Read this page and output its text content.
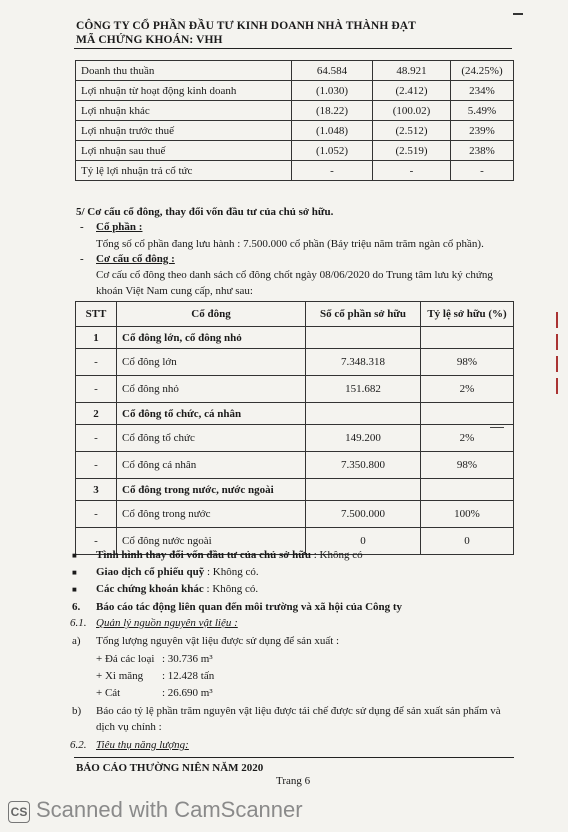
CÔNG TY CỔ PHẦN ĐẦU TƯ KINH DOANH NHÀ THÀNH ĐẠT
MÃ CHỨNG KHOÁN: VHH
Doanh thu thuần	64.584	48.921	(24.25%)
Lợi nhuận từ hoạt động kinh doanh	(1.030)	(2.412)	234%
Lợi nhuận khác	(18.22)	(100.02)	5.49%
Lợi nhuận trước thuế	(1.048)	(2.512)	239%
Lợi nhuận sau thuế	(1.052)	(2.519)	238%
Tỷ lệ lợi nhuận trả cổ tức	-	-	-
5/ Cơ cấu cổ đông, thay đổi vốn đầu tư của chủ sở hữu.
- Cổ phần :
Tổng số cổ phần đang lưu hành : 7.500.000 cổ phần (Bảy triệu năm trăm ngàn cổ phần).
- Cơ cấu cổ đông :
Cơ cấu cổ đông theo danh sách cổ đông chốt ngày 08/06/2020 do Trung tâm lưu ký chứng
khoán Việt Nam cung cấp, như sau:
STT	Cổ đông	Số cổ phần sở hữu	Tỷ lệ sở hữu (%)
1	Cổ đông lớn, cổ đông nhỏ		
-	Cổ đông lớn	7.348.318	98%
-	Cổ đông nhỏ	151.682	2%
2	Cổ đông tổ chức, cá nhân		
-	Cổ đông tổ chức	149.200	2%
-	Cổ đông cá nhân	7.350.800	98%
3	Cổ đông trong nước, nước ngoài		
-	Cổ đông trong nước	7.500.000	100%
-	Cổ đông nước ngoài	0	0
■ Tình hình thay đổi vốn đầu tư của chủ sở hữu : Không có
■ Giao dịch cổ phiếu quỹ : Không có.
■ Các chứng khoán khác : Không có.
6. Báo cáo tác động liên quan đến môi trường và xã hội của Công ty
6.1. Quản lý nguồn nguyên vật liệu :
a) Tổng lượng nguyên vật liệu được sử dụng để sản xuất :
+ Đá các loại : 30.736 m³
+ Xi măng : 12.428 tấn
+ Cát	: 26.690 m³
b) Báo cáo tỷ lệ phần trăm nguyên vật liệu được tái chế được sử dụng để sản xuất sản phẩm và
dịch vụ chính :
6.2. Tiêu thụ năng lượng:
BÁO CÁO THƯỜNG NIÊN NĂM 2020
Trang 6
CS Scanned with CamScanner
